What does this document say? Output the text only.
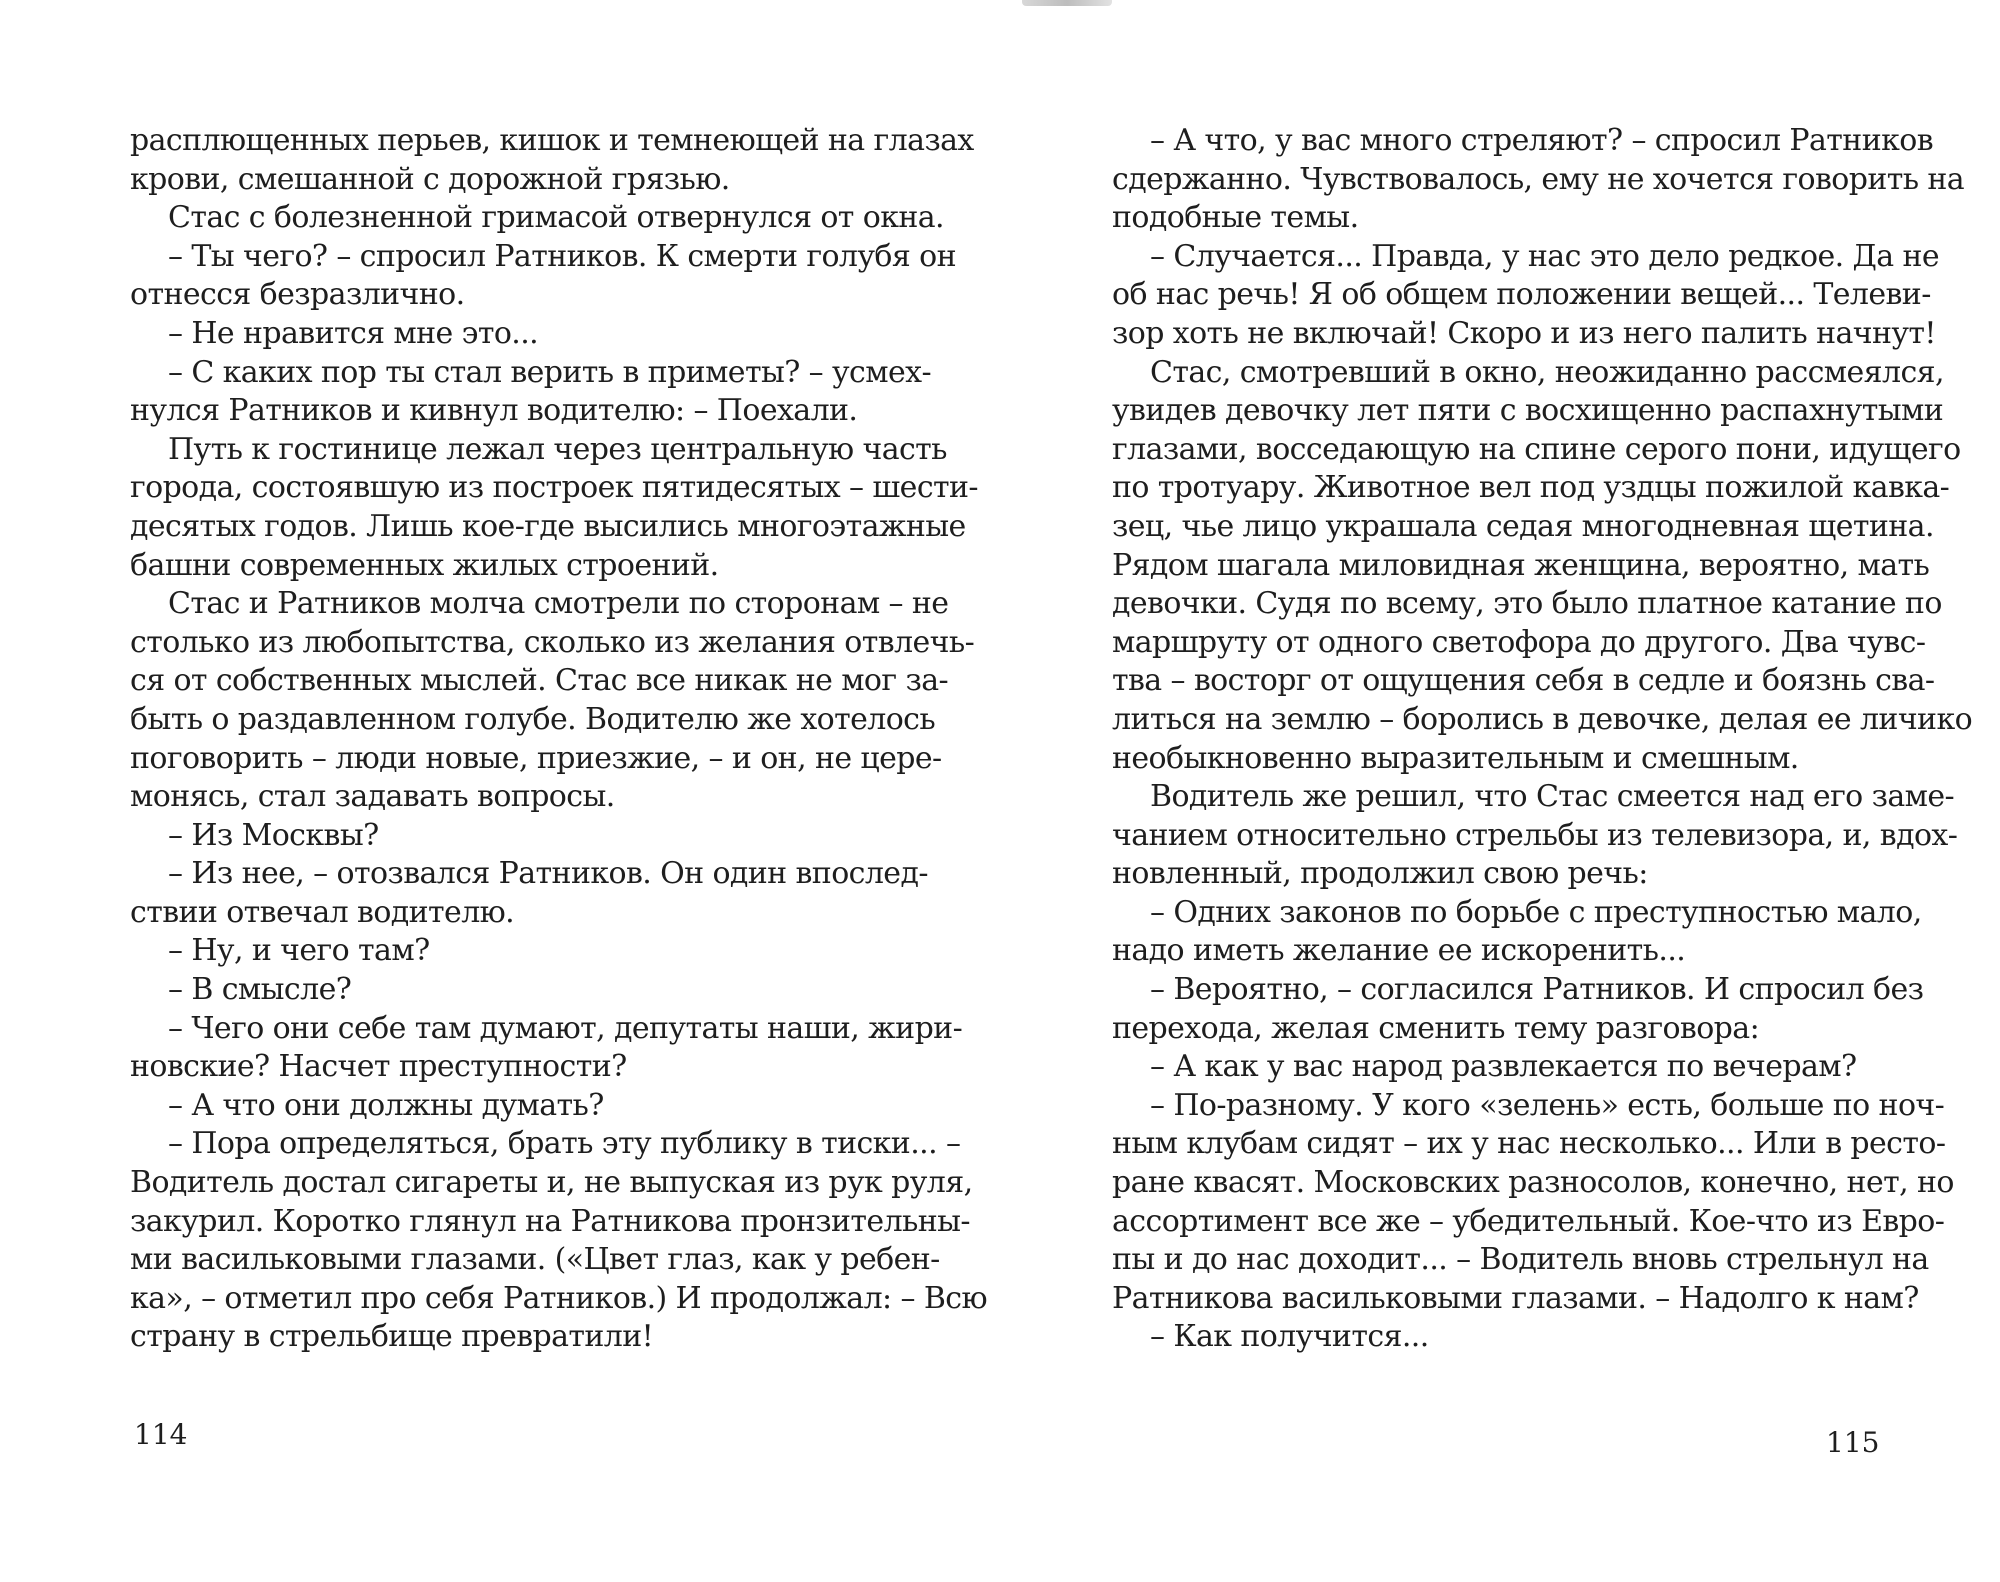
расплющенных перьев, кишок и темнеющей на глазах
крови, смешанной с дорожной грязью.
Стас с болезненной гримасой отвернулся от окна.
– Ты чего? – спросил Ратников. К смерти голубя он
отнесся безразлично.
– Не нравится мне это...
– С каких пор ты стал верить в приметы? – усмех-
нулся Ратников и кивнул водителю: – Поехали.
Путь к гостинице лежал через центральную часть
города, состоявшую из построек пятидесятых – шести-
десятых годов. Лишь кое-где высились многоэтажные
башни современных жилых строений.
Стас и Ратников молча смотрели по сторонам – не
столько из любопытства, сколько из желания отвлечь-
ся от собственных мыслей. Стас все никак не мог за-
быть о раздавленном голубе. Водителю же хотелось
поговорить – люди новые, приезжие, – и он, не цере-
монясь, стал задавать вопросы.
– Из Москвы?
– Из нее, – отозвался Ратников. Он один впослед-
ствии отвечал водителю.
– Ну, и чего там?
– В смысле?
– Чего они себе там думают, депутаты наши, жири-
новские? Насчет преступности?
– А что они должны думать?
– Пора определяться, брать эту публику в тиски... –
Водитель достал сигареты и, не выпуская из рук руля,
закурил. Коротко глянул на Ратникова пронзительны-
ми васильковыми глазами. («Цвет глаз, как у ребен-
ка», – отметил про себя Ратников.) И продолжал: – Всю
страну в стрельбище превратили!
– А что, у вас много стреляют? – спросил Ратников
сдержанно. Чувствовалось, ему не хочется говорить на
подобные темы.
– Случается... Правда, у нас это дело редкое. Да не
об нас речь! Я об общем положении вещей... Телеви-
зор хоть не включай! Скоро и из него палить начнут!
Стас, смотревший в окно, неожиданно рассмеялся,
увидев девочку лет пяти с восхищенно распахнутыми
глазами, восседающую на спине серого пони, идущего
по тротуару. Животное вел под уздцы пожилой кавка-
зец, чье лицо украшала седая многодневная щетина.
Рядом шагала миловидная женщина, вероятно, мать
девочки. Судя по всему, это было платное катание по
маршруту от одного светофора до другого. Два чувс-
тва – восторг от ощущения себя в седле и боязнь сва-
литься на землю – боролись в девочке, делая ее личико
необыкновенно выразительным и смешным.
Водитель же решил, что Стас смеется над его заме-
чанием относительно стрельбы из телевизора, и, вдох-
новленный, продолжил свою речь:
– Одних законов по борьбе с преступностью мало,
надо иметь желание ее искоренить...
– Вероятно, – согласился Ратников. И спросил без
перехода, желая сменить тему разговора:
– А как у вас народ развлекается по вечерам?
– По-разному. У кого «зелень» есть, больше по ноч-
ным клубам сидят – их у нас несколько... Или в ресто-
ране квасят. Московских разносолов, конечно, нет, но
ассортимент все же – убедительный. Кое-что из Евро-
пы и до нас доходит... – Водитель вновь стрельнул на
Ратникова васильковыми глазами. – Надолго к нам?
– Как получится...
114	115
